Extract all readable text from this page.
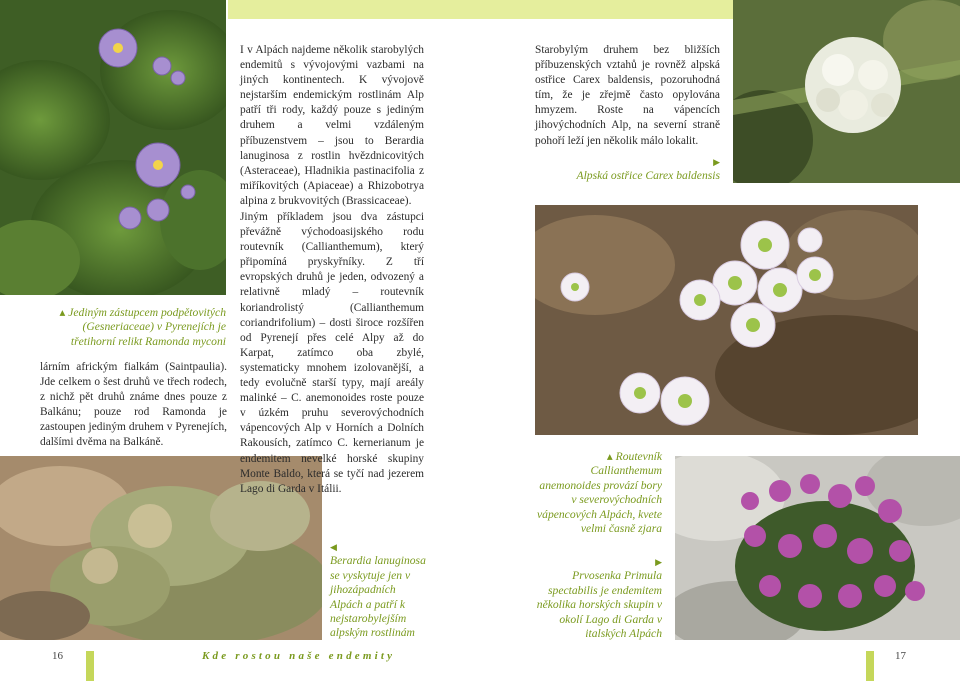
▴ Jediným zástupcem podpětovitých (Gesneriaceae) v Pyrenejích je třetihorní relikt Ramonda myconi
lárním africkým fialkám (Saintpaulia). Jde celkem o šest druhů ve třech rodech, z nichž pět druhů známe dnes pouze z Balkánu; pouze rod Ramonda je zastoupen jediným druhem v Pyrenejích, dalšími dvěma na Balkáně.
I v Alpách najdeme několik starobylých endemitů s vývojovými vazbami na jiných kontinentech. K vývojově nejstarším endemickým rostlinám Alp patří tři rody, každý pouze s jediným druhem a velmi vzdáleným příbuzenstvem – jsou to Berardia lanuginosa z rostlin hvězdnicovitých (Asteraceae), Hladnikia pastinacifolia z miříkovitých (Apiaceae) a Rhizobotrya alpina z brukvovitých (Brassicaceae).
Jiným příkladem jsou dva zástupci převážně východoasijského rodu routevník (Callianthemum), který připomíná pryskyřníky. Z tří evropských druhů je jeden, odvozený a relativně mladý – routevník koriandrolistý (Callianthemum coriandrifolium) – dosti široce rozšířen od Pyrenejí přes celé Alpy až do Karpat, zatímco oba zbylé, systematicky mnohem izolovanější, a tedy evolučně starší typy, mají areály malinké – C. anemonoides roste pouze v úzkém pruhu severovýchodních vápencových Alp v Horních a Dolních Rakousích, zatímco C. kernerianum je endemitem nevelké horské skupiny Monte Baldo, která se tyčí nad jezerem Lago di Garda v Itálii.
◀
Berardia lanuginosa se vyskytuje jen v jihozápadních Alpách a patří k nejstarobylejším alpským rostlinám
Starobylým druhem bez bližších příbuzenských vztahů je rovněž alpská ostřice Carex baldensis, pozoruhodná tím, že je zřejmě často opylována hmyzem. Roste na vápencích jihovýchodních Alp, na severní straně pohoří leží jen několik málo lokalit.
▶
Alpská ostřice Carex baldensis
▴ Routevník Callianthemum anemonoides provází bory v severovýchodních vápencových Alpách, kvete velmi časně zjara
▶
Prvosenka Primula spectabilis je endemitem několika horských skupin v okolí Lago di Garda v italských Alpách
16	Kde rostou naše endemity	17
